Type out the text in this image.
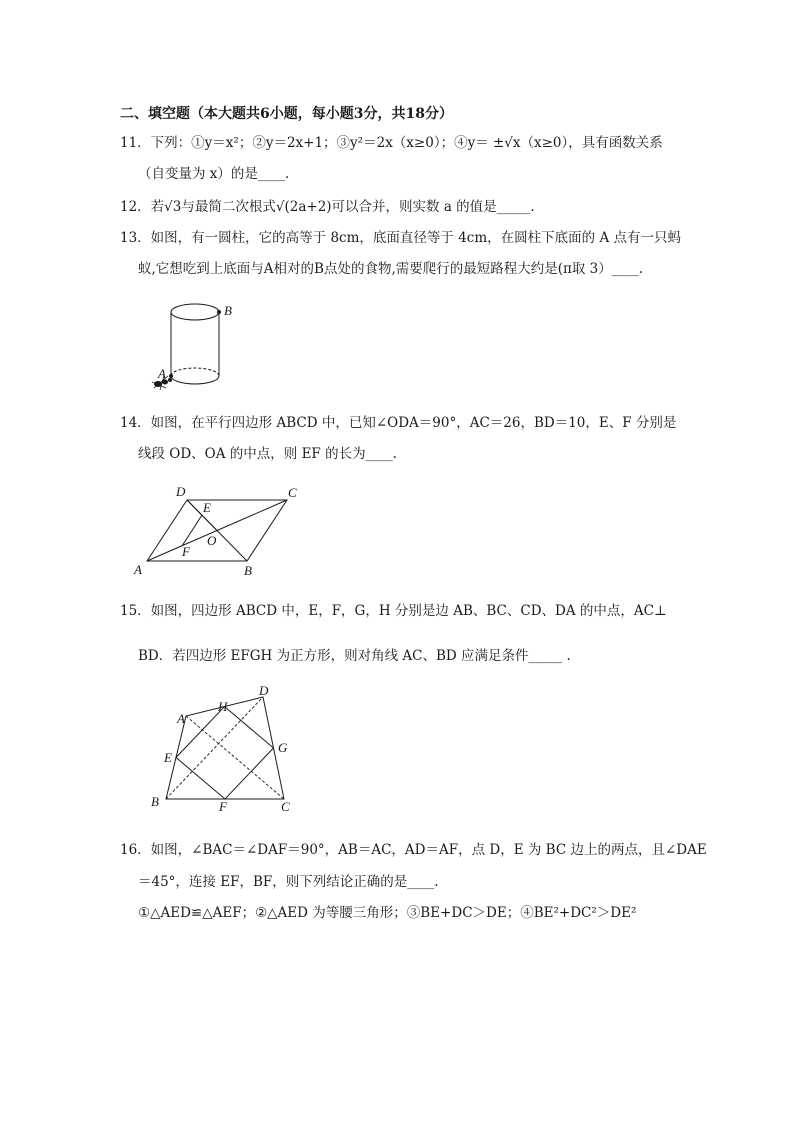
二、填空题（本大题共6小题，每小题3分，共18分）
11．下列：①y＝x²；②y＝2x+1；③y²＝2x（x≥0）；④y＝ ±√x（x≥0），具有函数关系
（自变量为 x）的是____.
12．若√3与最简二次根式√(2a+2)可以合并，则实数 a 的值是_____.
13．如图，有一圆柱，它的高等于 8cm，底面直径等于 4cm，在圆柱下底面的 A 点有一只蚂
蚁,它想吃到上底面与A相对的B点处的食物,需要爬行的最短路程大约是(π取 3）____.
B
A
14．如图，在平行四边形 ABCD 中，已知∠ODA＝90°，AC＝26，BD＝10，E、F 分别是
线段 OD、OA 的中点，则 EF 的长为____.
A	B
C
D
E
F
O
15．如图，四边形 ABCD 中，E，F，G，H 分别是边 AB、BC、CD、DA 的中点，AC⊥
BD．若四边形 EFGH 为正方形，则对角线 AC、BD 应满足条件_____ .
A
B	C
D
E
F
G
H
16．如图，∠BAC＝∠DAF＝90°，AB＝AC，AD＝AF，点 D，E 为 BC 边上的两点，且∠DAE
＝45°，连接 EF，BF，则下列结论正确的是____.
①△AED≌△AEF；②△AED 为等腰三角形；③BE+DC＞DE；④BE²+DC²＞DE²
